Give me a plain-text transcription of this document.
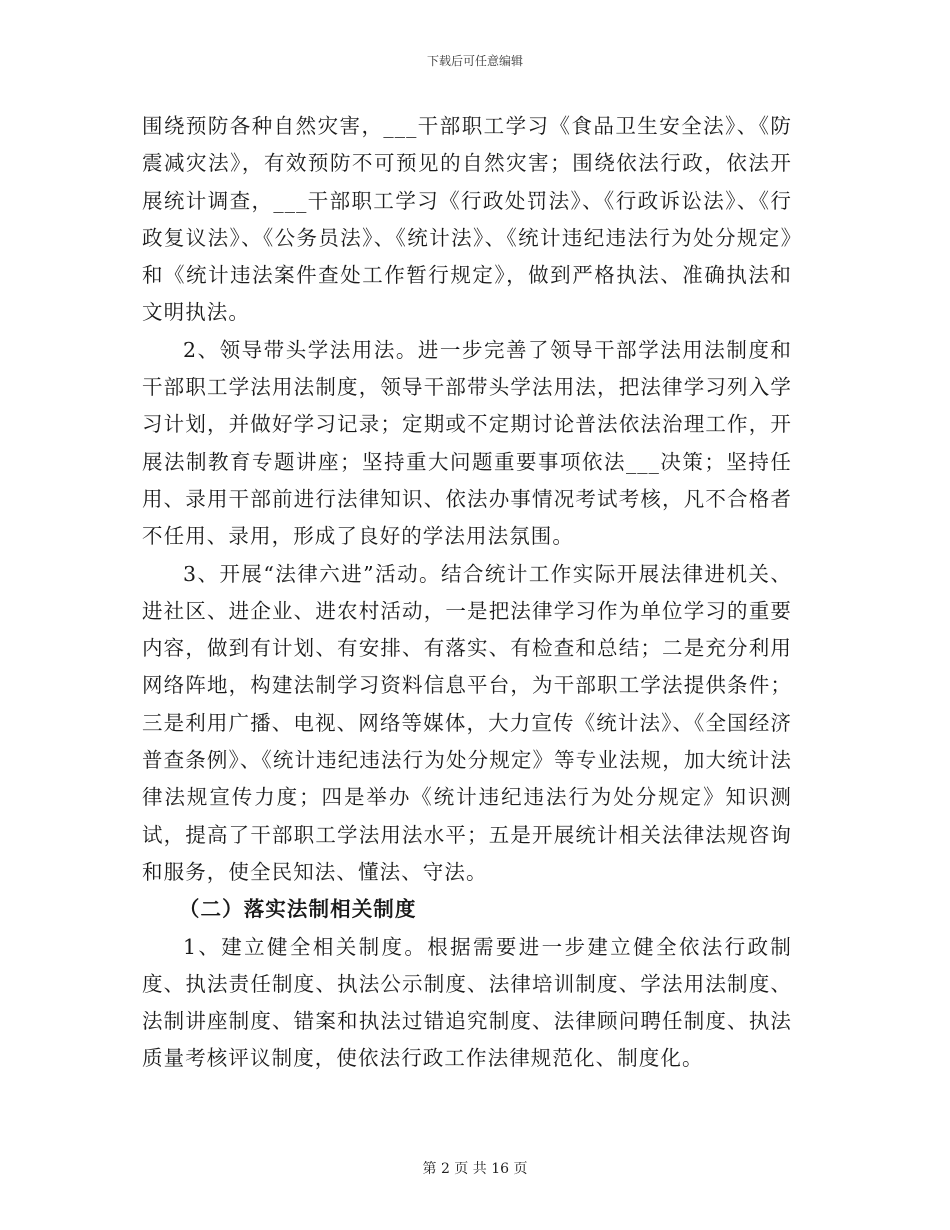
下载后可任意编辑

围绕预防各种自然灾害，___干部职工学习《食品卫生安全法》、《防震减灾法》，有效预防不可预见的自然灾害；围绕依法行政，依法开展统计调查，___干部职工学习《行政处罚法》、《行政诉讼法》、《行政复议法》、《公务员法》、《统计法》、《统计违纪违法行为处分规定》和《统计违法案件查处工作暂行规定》，做到严格执法、准确执法和文明执法。

2、领导带头学法用法。进一步完善了领导干部学法用法制度和干部职工学法用法制度，领导干部带头学法用法，把法律学习列入学习计划，并做好学习记录；定期或不定期讨论普法依法治理工作，开展法制教育专题讲座；坚持重大问题重要事项依法___决策；坚持任用、录用干部前进行法律知识、依法办事情况考试考核，凡不合格者不任用、录用，形成了良好的学法用法氛围。

3、开展“法律六进”活动。结合统计工作实际开展法律进机关、进社区、进企业、进农村活动，一是把法律学习作为单位学习的重要内容，做到有计划、有安排、有落实、有检查和总结；二是充分利用网络阵地，构建法制学习资料信息平台，为干部职工学法提供条件；三是利用广播、电视、网络等媒体，大力宣传《统计法》、《全国经济普查条例》、《统计违纪违法行为处分规定》等专业法规，加大统计法律法规宣传力度；四是举办《统计违纪违法行为处分规定》知识测试，提高了干部职工学法用法水平；五是开展统计相关法律法规咨询和服务，使全民知法、懂法、守法。

（二）落实法制相关制度

1、建立健全相关制度。根据需要进一步建立健全依法行政制度、执法责任制度、执法公示制度、法律培训制度、学法用法制度、法制讲座制度、错案和执法过错追究制度、法律顾问聘任制度、执法质量考核评议制度，使依法行政工作法律规范化、制度化。

第 2 页 共 16 页
